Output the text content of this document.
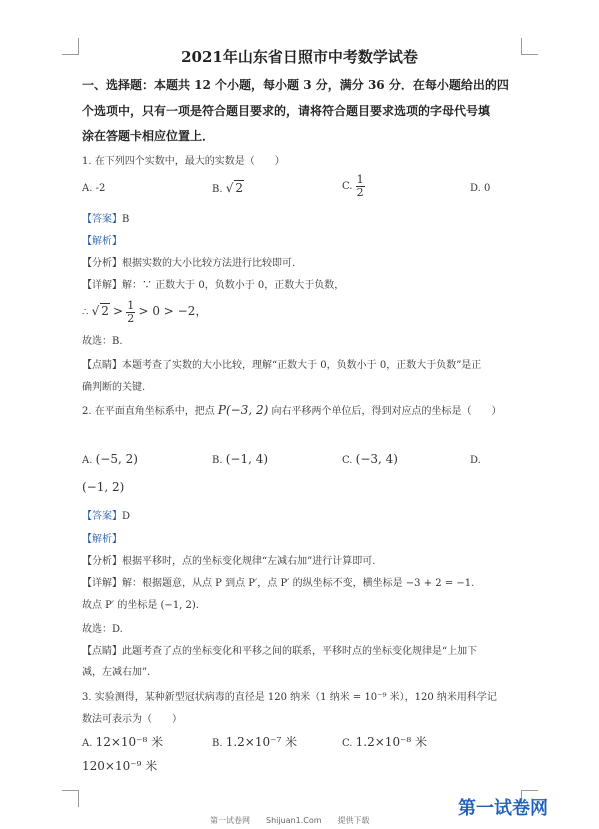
2021年山东省日照市中考数学试卷
一、选择题：本题共 12 个小题，每小题 3 分，满分 36 分．在每小题给出的四
个选项中，只有一项是符合题目要求的，请将符合题目要求选项的字母代号填
涂在答题卡相应位置上．
1. 在下列四个实数中，最大的实数是（　　）
A. -2	B. √ 2	C. $\frac{1}{2}$	D. 0
【答案】B
【解析】
【分析】根据实数的大小比较方法进行比较即可.
【详解】解：∵ 正数大于 0，负数小于 0，正数大于负数，
∴ √ $2 > \frac{1}{2} > 0 > -2$，
故选：B.
【点睛】本题考查了实数的大小比较，理解“正数大于 0，负数小于 0，正数大于负数”是正
确判断的关键.
2. 在平面直角坐标系中，把点 P(−3, 2) 向右平移两个单位后，得到对应点的坐标是（　　）
A. (−5, 2)	B. (−1, 4)	C. (−3, 4)	D.
(−1, 2)
【答案】D
【解析】
【分析】根据平移时，点的坐标变化规律“左减右加”进行计算即可.
【详解】解：根据题意，从点 P 到点 P′，点 P′ 的纵坐标不变，横坐标是 −3 + 2 = −1.
故点 P′ 的坐标是 (−1, 2).
故选：D.
【点睛】此题考查了点的坐标变化和平移之间的联系，平移时点的坐标变化规律是“上加下
减，左减右加”.
3. 实验测得，某种新型冠状病毒的直径是 120 纳米（1 纳米 = 10⁻⁹ 米），120 纳米用科学记
数法可表示为（　　）
A. 12×10⁻⁸ 米	B. 1.2×10⁻⁷ 米	C. 1.2×10⁻⁸ 米
120×10⁻⁹ 米
第一试卷网
第一试卷网　　Shijuan1.Com　　提供下载
